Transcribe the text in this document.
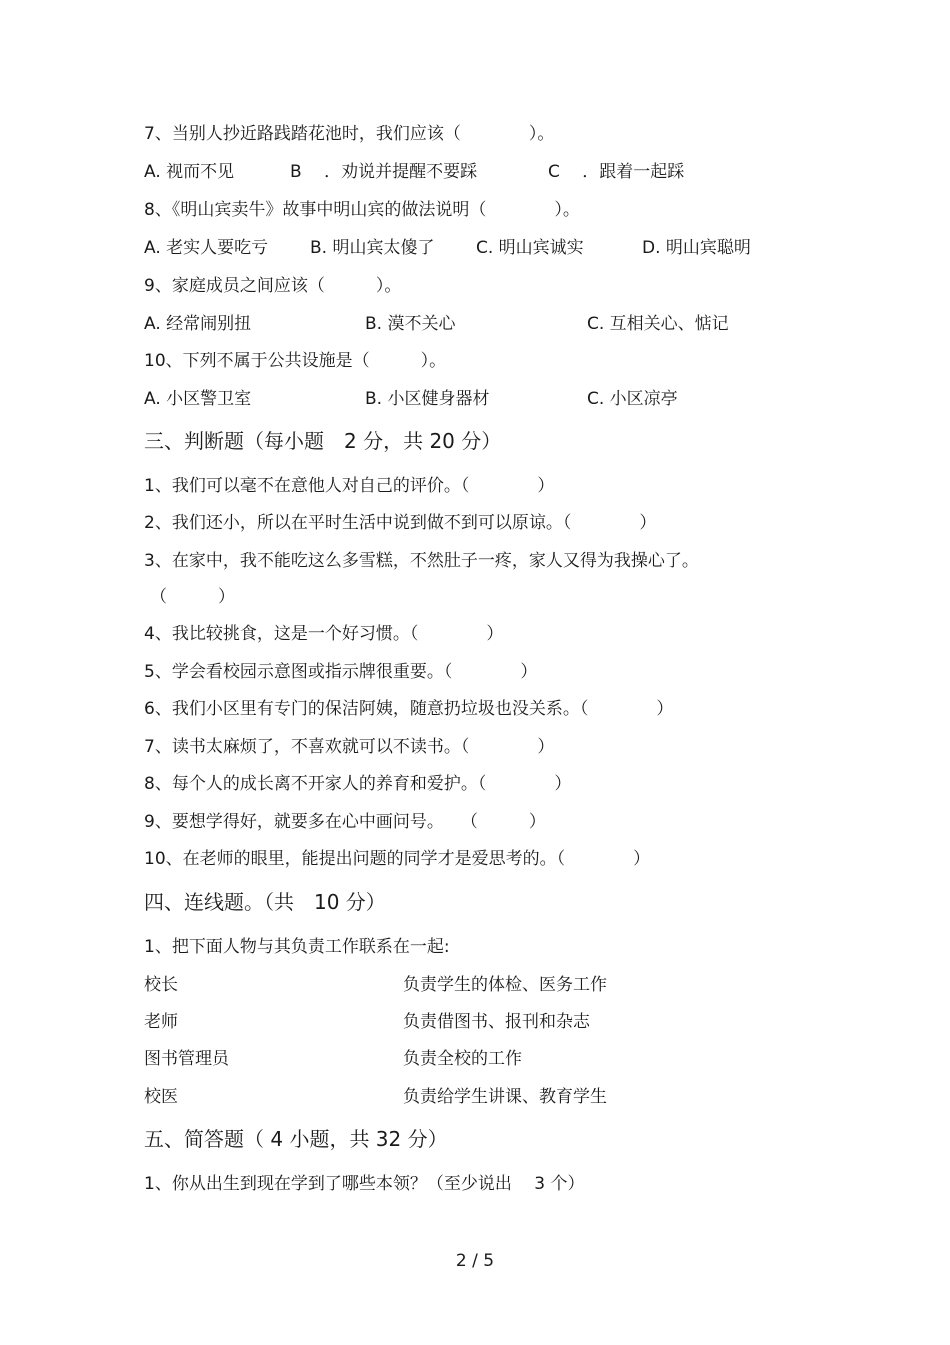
7、当别人抄近路践踏花池时，我们应该（　　　　）。
A. 视而不见	B　 ．劝说并提醒不要踩	C　 ．跟着一起踩
8、《明山宾卖牛》故事中明山宾的做法说明（　　　　）。
A. 老实人要吃亏 B. 明山宾太傻了 C. 明山宾诚实	D. 明山宾聪明
9、家庭成员之间应该（　　　）。
A. 经常闹别扭	B. 漠不关心	C. 互相关心、惦记
10、下列不属于公共设施是（　　　）。
A. 小区警卫室	B. 小区健身器材	C. 小区凉亭
三、判断题（每小题　2 分，共 20 分）
1、我们可以毫不在意他人对自己的评价。（　　　　）
2、我们还小，所以在平时生活中说到做不到可以原谅。（　　　　）
3、在家中，我不能吃这么多雪糕，不然肚子一疼，家人又得为我操心了。
（　　　）
4、我比较挑食，这是一个好习惯。（　　　　）
5、学会看校园示意图或指示牌很重要。（　　　　）
6、我们小区里有专门的保洁阿姨，随意扔垃圾也没关系。（　　　　）
7、读书太麻烦了，不喜欢就可以不读书。（　　　　）
8、每个人的成长离不开家人的养育和爱护。（　　　　）
9、要想学得好，就要多在心中画问号。　　（　　　）
10、在老师的眼里，能提出问题的同学才是爱思考的。（　　　　）
四、连线题。（共　10 分）
1、把下面人物与其负责工作联系在一起:
校长	负责学生的体检、医务工作
老师	负责借图书、报刊和杂志
图书管理员	负责全校的工作
校医	负责给学生讲课、教育学生
五、简答题（ 4 小题，共 32 分）
1、你从出生到现在学到了哪些本领？（至少说出　 3 个）
2 / 5
